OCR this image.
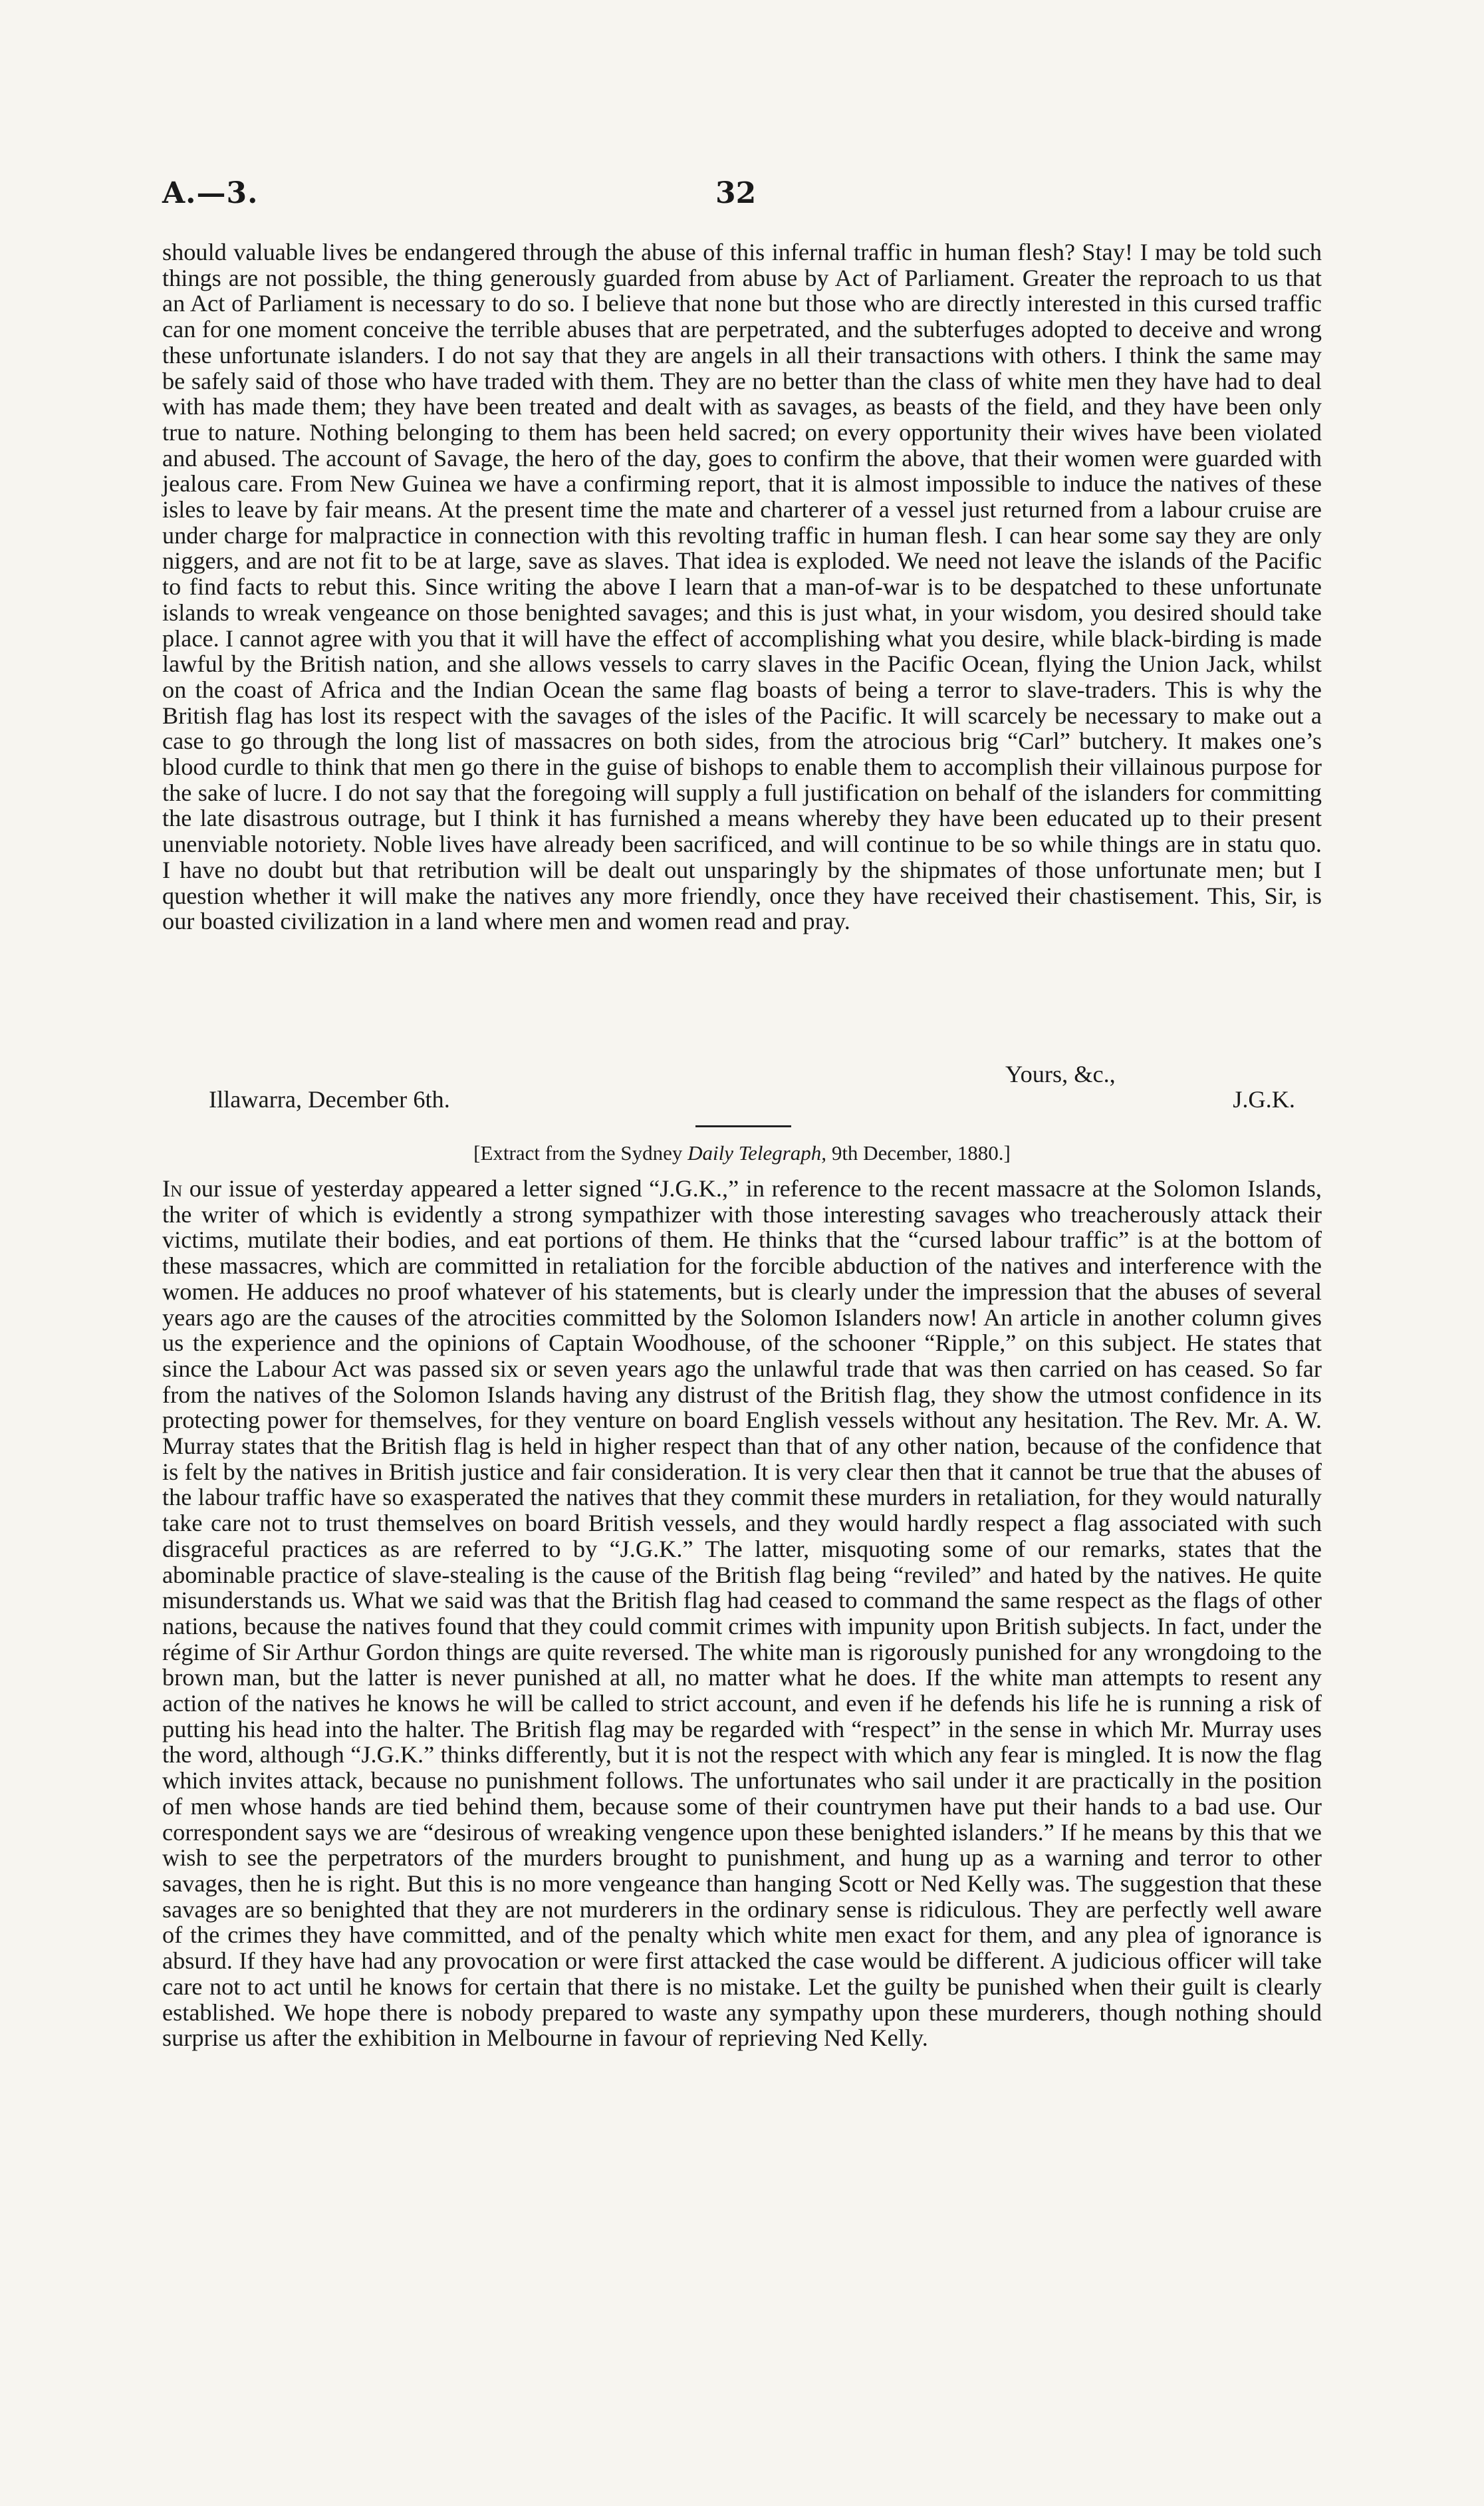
A.—3.	32

should valuable lives be endangered through the abuse of this infernal traffic in human flesh? Stay! I may be told such things are not possible, the thing generously guarded from abuse by Act of Parliament. Greater the reproach to us that an Act of Parliament is necessary to do so. I believe that none but those who are directly interested in this cursed traffic can for one moment conceive the terrible abuses that are perpetrated, and the subterfuges adopted to deceive and wrong these unfortunate islanders. I do not say that they are angels in all their transactions with others. I think the same may be safely said of those who have traded with them. They are no better than the class of white men they have had to deal with has made them; they have been treated and dealt with as savages, as beasts of the field, and they have been only true to nature. Nothing belonging to them has been held sacred; on every opportunity their wives have been violated and abused. The account of Savage, the hero of the day, goes to confirm the above, that their women were guarded with jealous care. From New Guinea we have a confirming report, that it is almost impossible to induce the natives of these isles to leave by fair means. At the present time the mate and charterer of a vessel just returned from a labour cruise are under charge for malpractice in connection with this revolting traffic in human flesh. I can hear some say they are only niggers, and are not fit to be at large, save as slaves. That idea is exploded. We need not leave the islands of the Pacific to find facts to rebut this. Since writing the above I learn that a man-of-war is to be despatched to these unfortunate islands to wreak vengeance on those benighted savages; and this is just what, in your wisdom, you desired should take place. I cannot agree with you that it will have the effect of accomplishing what you desire, while black-birding is made lawful by the British nation, and she allows vessels to carry slaves in the Pacific Ocean, flying the Union Jack, whilst on the coast of Africa and the Indian Ocean the same flag boasts of being a terror to slave-traders. This is why the British flag has lost its respect with the savages of the isles of the Pacific. It will scarcely be necessary to make out a case to go through the long list of massacres on both sides, from the atrocious brig “Carl” butchery. It makes one’s blood curdle to think that men go there in the guise of bishops to enable them to accomplish their villainous purpose for the sake of lucre. I do not say that the foregoing will supply a full justification on behalf of the islanders for committing the late disastrous outrage, but I think it has furnished a means whereby they have been educated up to their present unenviable notoriety. Noble lives have already been sacrificed, and will continue to be so while things are in statu quo. I have no doubt but that retribution will be dealt out unsparingly by the shipmates of those unfortunate men; but I question whether it will make the natives any more friendly, once they have received their chastisement. This, Sir, is our boasted civilization in a land where men and women read and pray.

Yours, &c.,
Illawarra, December 6th.	J.G.K.
[Extract from the Sydney Daily Telegraph, 9th December, 1880.]

In our issue of yesterday appeared a letter signed “J.G.K.,” in reference to the recent massacre at the Solomon Islands, the writer of which is evidently a strong sympathizer with those interesting savages who treacherously attack their victims, mutilate their bodies, and eat portions of them. He thinks that the “cursed labour traffic” is at the bottom of these massacres, which are committed in retaliation for the forcible abduction of the natives and interference with the women. He adduces no proof whatever of his statements, but is clearly under the impression that the abuses of several years ago are the causes of the atrocities committed by the Solomon Islanders now! An article in another column gives us the experience and the opinions of Captain Woodhouse, of the schooner “Ripple,” on this subject. He states that since the Labour Act was passed six or seven years ago the unlawful trade that was then carried on has ceased. So far from the natives of the Solomon Islands having any distrust of the British flag, they show the utmost confidence in its protecting power for themselves, for they venture on board English vessels without any hesitation. The Rev. Mr. A. W. Murray states that the British flag is held in higher respect than that of any other nation, because of the confidence that is felt by the natives in British justice and fair consideration. It is very clear then that it cannot be true that the abuses of the labour traffic have so exasperated the natives that they commit these murders in retaliation, for they would naturally take care not to trust themselves on board British vessels, and they would hardly respect a flag associated with such disgraceful practices as are referred to by “J.G.K.” The latter, misquoting some of our remarks, states that the abominable practice of slave-stealing is the cause of the British flag being “reviled” and hated by the natives. He quite misunderstands us. What we said was that the British flag had ceased to command the same respect as the flags of other nations, because the natives found that they could commit crimes with impunity upon British subjects. In fact, under the régime of Sir Arthur Gordon things are quite reversed. The white man is rigorously punished for any wrongdoing to the brown man, but the latter is never punished at all, no matter what he does. If the white man attempts to resent any action of the natives he knows he will be called to strict account, and even if he defends his life he is running a risk of putting his head into the halter. The British flag may be regarded with “respect” in the sense in which Mr. Murray uses the word, although “J.G.K.” thinks differently, but it is not the respect with which any fear is mingled. It is now the flag which invites attack, because no punishment follows. The unfortunates who sail under it are practically in the position of men whose hands are tied behind them, because some of their countrymen have put their hands to a bad use. Our correspondent says we are “desirous of wreaking vengence upon these benighted islanders.” If he means by this that we wish to see the perpetrators of the murders brought to punishment, and hung up as a warning and terror to other savages, then he is right. But this is no more vengeance than hanging Scott or Ned Kelly was. The suggestion that these savages are so benighted that they are not murderers in the ordinary sense is ridiculous. They are perfectly well aware of the crimes they have committed, and of the penalty which white men exact for them, and any plea of ignorance is absurd. If they have had any provocation or were first attacked the case would be different. A judicious officer will take care not to act until he knows for certain that there is no mistake. Let the guilty be punished when their guilt is clearly established. We hope there is nobody prepared to waste any sympathy upon these murderers, though nothing should surprise us after the exhibition in Melbourne in favour of reprieving Ned Kelly.
